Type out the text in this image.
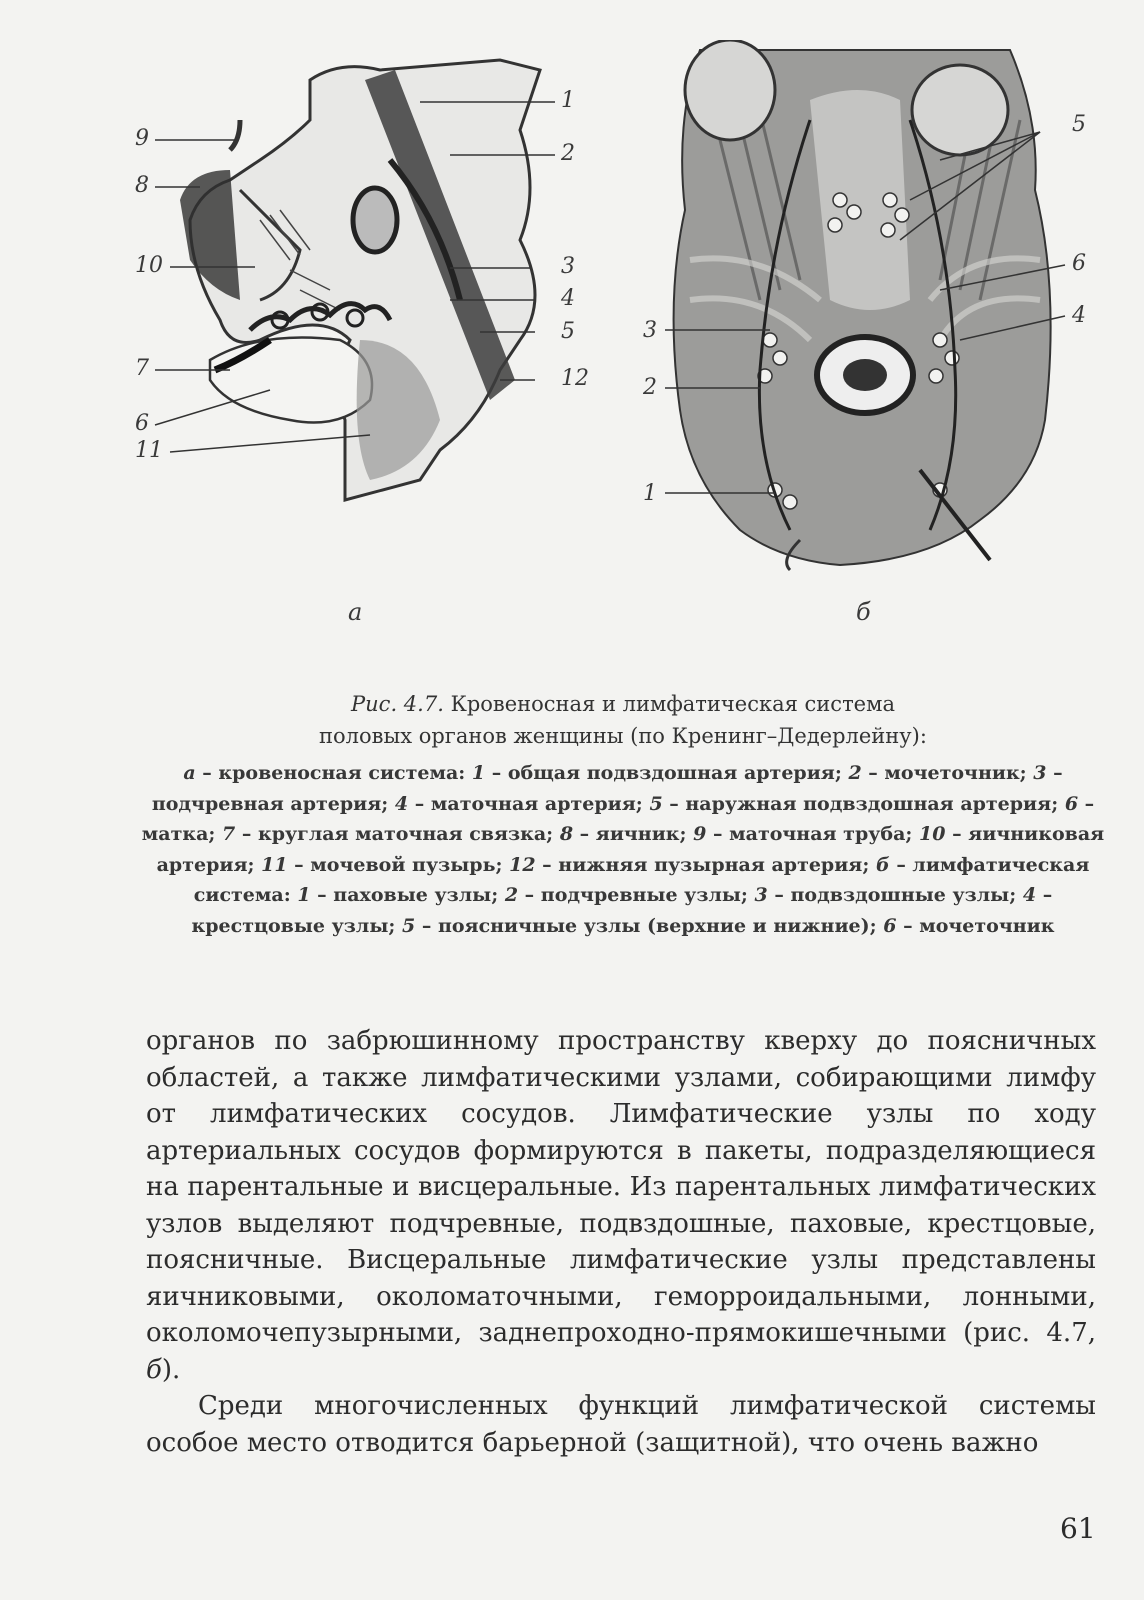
1
2
3
4
5
12
9
8
10
7
6
11
а
5
6
4
3
2
1
б
Рис. 4.7. Кровеносная и лимфатическая система
половых органов женщины (по Кренинг–Дедерлейну):
а – кровеносная система: 1 – общая подвздошная артерия; 2 – мочеточник; 3 – подчревная артерия; 4 – маточная артерия; 5 – наружная подвздошная артерия; 6 – матка; 7 – круглая маточная связка; 8 – яичник; 9 – маточная труба; 10 – яичниковая артерия; 11 – мочевой пузырь; 12 – нижняя пузырная артерия; б – лимфатическая система: 1 – паховые узлы; 2 – подчревные узлы; 3 – подвздошные узлы; 4 – крестцовые узлы; 5 – поясничные узлы (верхние и нижние); 6 – мочеточник

органов по забрюшинному пространству кверху до поясничных областей, а также лимфатическими узлами, собирающими лимфу от лимфатических сосудов. Лимфатические узлы по ходу артериальных сосудов формируются в пакеты, подразделяющиеся на парентальные и висцеральные. Из парентальных лимфатических узлов выделяют подчревные, подвздошные, паховые, крестцовые, поясничные. Висцеральные лимфатические узлы представлены яичниковыми, околоматочными, геморроидальными, лонными, околомочепузырными, заднепроходно-прямокишечными (рис. 4.7, б).

Среди многочисленных функций лимфатической системы особое место отводится барьерной (защитной), что очень важно

61
